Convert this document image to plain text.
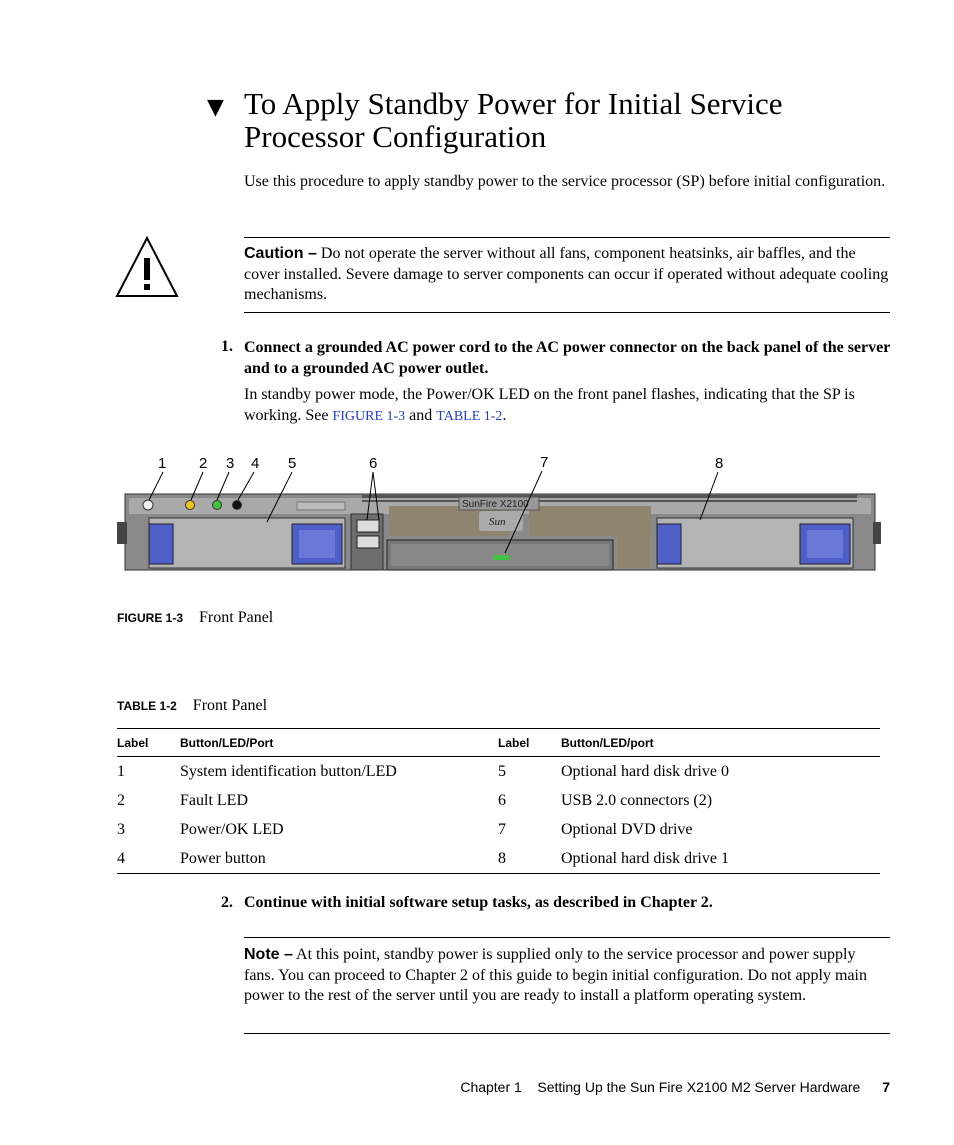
▼ To Apply Standby Power for Initial Service Processor Configuration
Use this procedure to apply standby power to the service processor (SP) before initial configuration.
Caution – Do not operate the server without all fans, component heatsinks, air baffles, and the cover installed. Severe damage to server components can occur if operated without adequate cooling mechanisms.
1. Connect a grounded AC power cord to the AC power connector on the back panel of the server and to a grounded AC power outlet.
In standby power mode, the Power/OK LED on the front panel flashes, indicating that the SP is working. See FIGURE 1-3 and TABLE 1-2.
1 2 3 4 5	6	7	8
SunFire X2100
Sun
FIGURE 1-3 Front Panel
TABLE 1-2 Front Panel
Label	Button/LED/Port	Label	Button/LED/port
1	System identification button/LED	5	Optional hard disk drive 0
2	Fault LED	6	USB 2.0 connectors (2)
3	Power/OK LED	7	Optional DVD drive
4	Power button	8	Optional hard disk drive 1
2. Continue with initial software setup tasks, as described in Chapter 2.
Note – At this point, standby power is supplied only to the service processor and power supply fans. You can proceed to Chapter 2 of this guide to begin initial configuration. Do not apply main power to the rest of the server until you are ready to install a platform operating system.
Chapter 1 Setting Up the Sun Fire X2100 M2 Server Hardware 7
